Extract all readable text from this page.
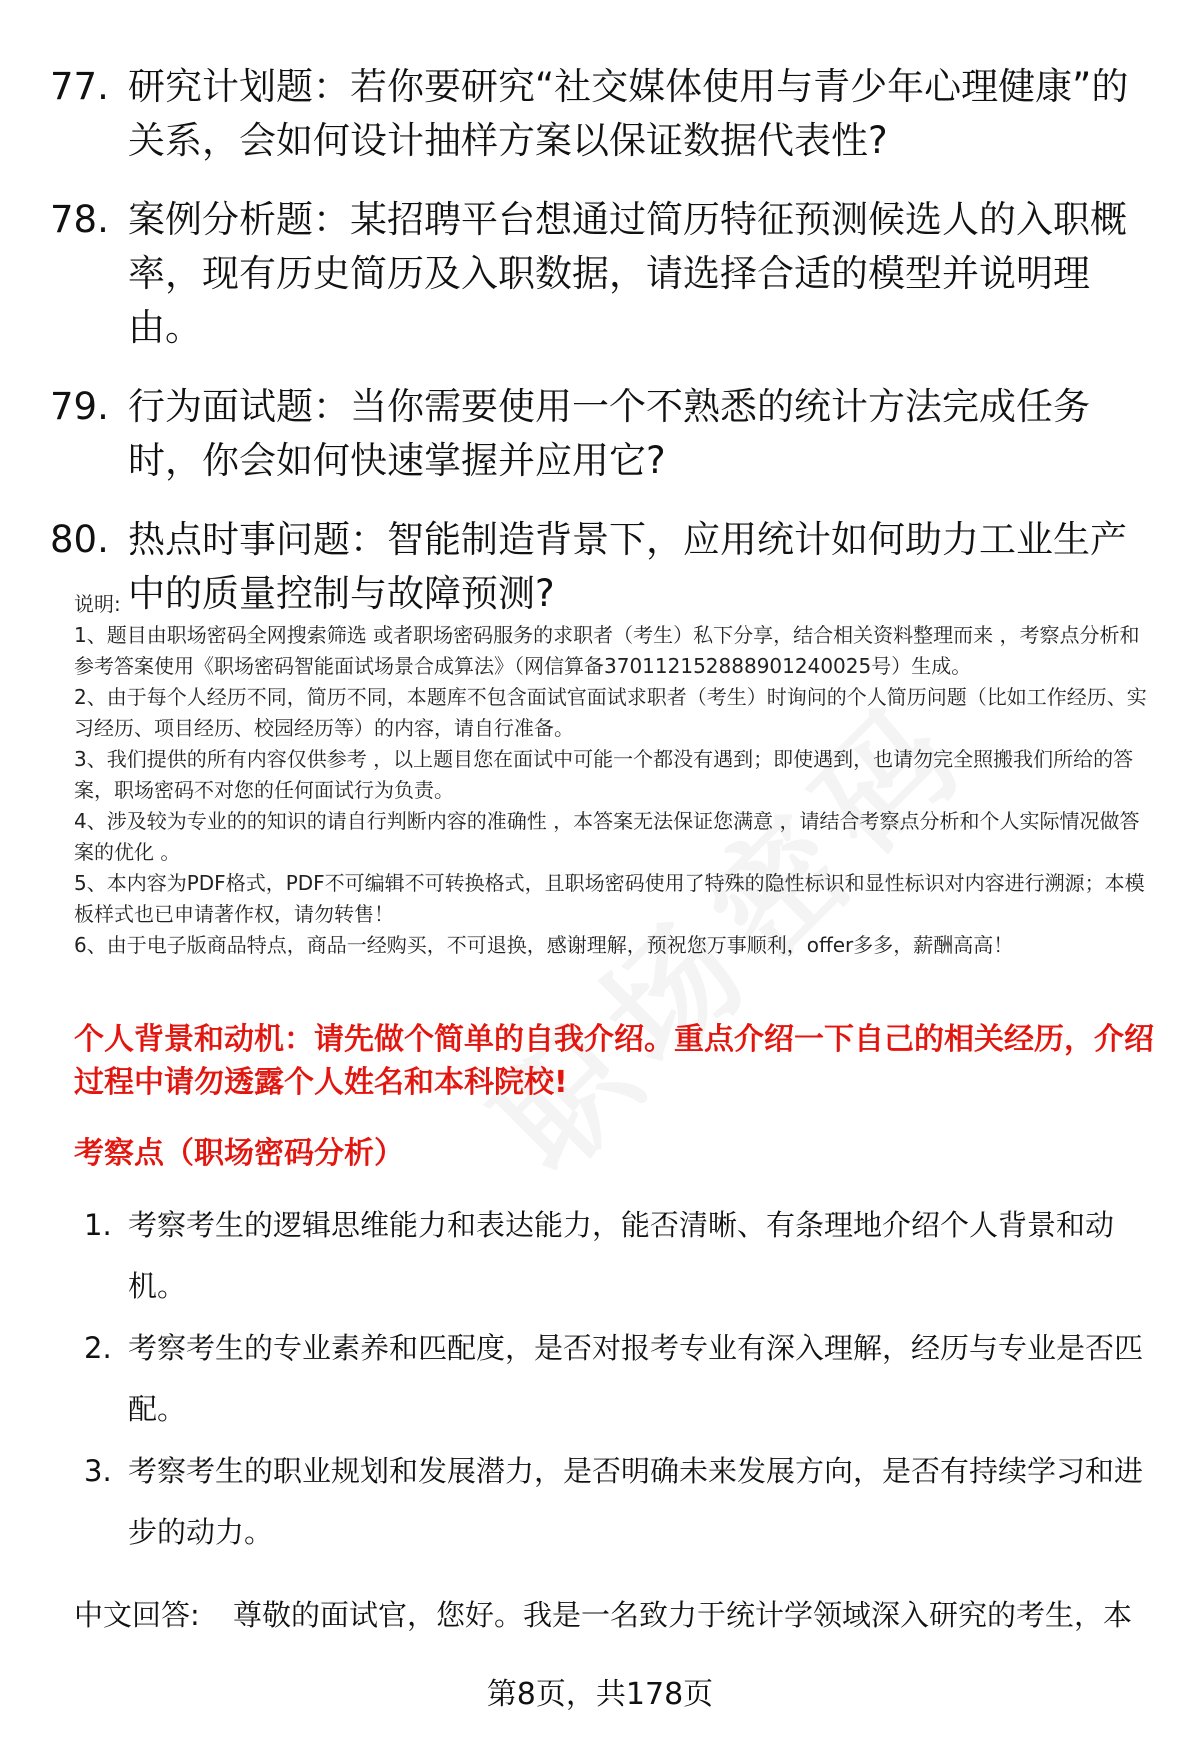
77. 研究计划题：若你要研究“社交媒体使用与青少年心理健康”的关系，会如何设计抽样方案以保证数据代表性?
78. 案例分析题：某招聘平台想通过简历特征预测候选人的入职概率，现有历史简历及入职数据，请选择合适的模型并说明理由。
79. 行为面试题：当你需要使用一个不熟悉的统计方法完成任务时，你会如何快速掌握并应用它?
80. 热点时事问题：智能制造背景下，应用统计如何助力工业生产中的质量控制与故障预测?

说明:

1、题目由职场密码全网搜索筛选 或者职场密码服务的求职者（考生）私下分享，结合相关资料整理而来 ，考察点分析和参考答案使用《职场密码智能面试场景合成算法》（网信算备370112152888901240025号）生成。

2、由于每个人经历不同，简历不同，本题库不包含面试官面试求职者（考生）时询问的个人简历问题（比如工作经历、实习经历、项目经历、校园经历等）的内容，请自行准备。

3、我们提供的所有内容仅供参考 ，以上题目您在面试中可能一个都没有遇到；即使遇到，也请勿完全照搬我们所给的答案，职场密码不对您的任何面试行为负责。

4、涉及较为专业的的知识的请自行判断内容的准确性 ，本答案无法保证您满意 ，请结合考察点分析和个人实际情况做答案的优化 。

5、本内容为PDF格式，PDF不可编辑不可转换格式，且职场密码使用了特殊的隐性标识和显性标识对内容进行溯源；本模板样式也已申请著作权，请勿转售！

6、由于电子版商品特点，商品一经购买，不可退换，感谢理解，预祝您万事顺利，offer多多，薪酬高高！

个人背景和动机：请先做个简单的自我介绍。重点介绍一下自己的相关经历，介绍过程中请勿透露个人姓名和本科院校!
考察点（职场密码分析）
1. 考察考生的逻辑思维能力和表达能力，能否清晰、有条理地介绍个人背景和动机。
2. 考察考生的专业素养和匹配度，是否对报考专业有深入理解，经历与专业是否匹配。
3. 考察考生的职业规划和发展潜力，是否明确未来发展方向，是否有持续学习和进步的动力。
中文回答: 尊敬的面试官，您好。我是一名致力于统计学领域深入研究的考生，本
第8页，共178页
